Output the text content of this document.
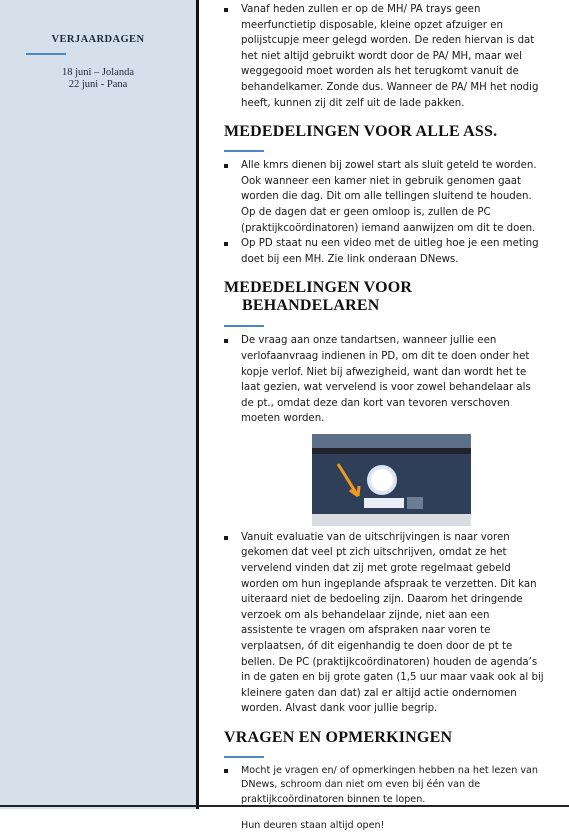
VERJAARDAGEN
18 juni – Jolanda
22 juni - Pana
Vanaf heden zullen er op de MH/ PA trays geen meerfunctietip disposable, kleine opzet afzuiger en polijstcupje meer gelegd worden. De reden hiervan is dat het niet altijd gebruikt wordt door de PA/ MH, maar wel weggegooid moet worden als het terugkomt vanuit de behandelkamer. Zonde dus. Wanneer de PA/ MH het nodig heeft, kunnen zij dit zelf uit de lade pakken.
MEDEDELINGEN VOOR ALLE ASS.
Alle kmrs dienen bij zowel start als sluit geteld te worden. Ook wanneer een kamer niet in gebruik genomen gaat worden die dag. Dit om alle tellingen sluitend te houden. Op de dagen dat er geen omloop is, zullen de PC (praktijkcoördinatoren) iemand aanwijzen om dit te doen.
Op PD staat nu een video met de uitleg hoe je een meting doet bij een MH. Zie link onderaan DNews.
MEDEDELINGEN VOOR
BEHANDELAREN
De vraag aan onze tandartsen, wanneer jullie een verlofaanvraag indienen in PD, om dit te doen onder het kopje verlof. Niet bij afwezigheid, want dan wordt het te laat gezien, wat vervelend is voor zowel behandelaar als de pt., omdat deze dan kort van tevoren verschoven moeten worden.
Vanuit evaluatie van de uitschrijvingen is naar voren gekomen dat veel pt zich uitschrijven, omdat ze het vervelend vinden dat zij met grote regelmaat gebeld worden om hun ingeplande afspraak te verzetten. Dit kan uiteraard niet de bedoeling zijn. Daarom het dringende verzoek om als behandelaar zijnde, niet aan een assistente te vragen om afspraken naar voren te verplaatsen, óf dit eigenhandig te doen door de pt te bellen. De PC (praktijkcoördinatoren) houden de agenda’s in de gaten en bij grote gaten (1,5 uur maar vaak ook al bij kleinere gaten dan dat) zal er altijd actie ondernomen worden. Alvast dank voor jullie begrip.
VRAGEN EN OPMERKINGEN
Mocht je vragen en/ of opmerkingen hebben na het lezen van DNews, schroom dan niet om even bij één van de praktijkcoördinatoren binnen te lopen.
Hun deuren staan altijd open!
